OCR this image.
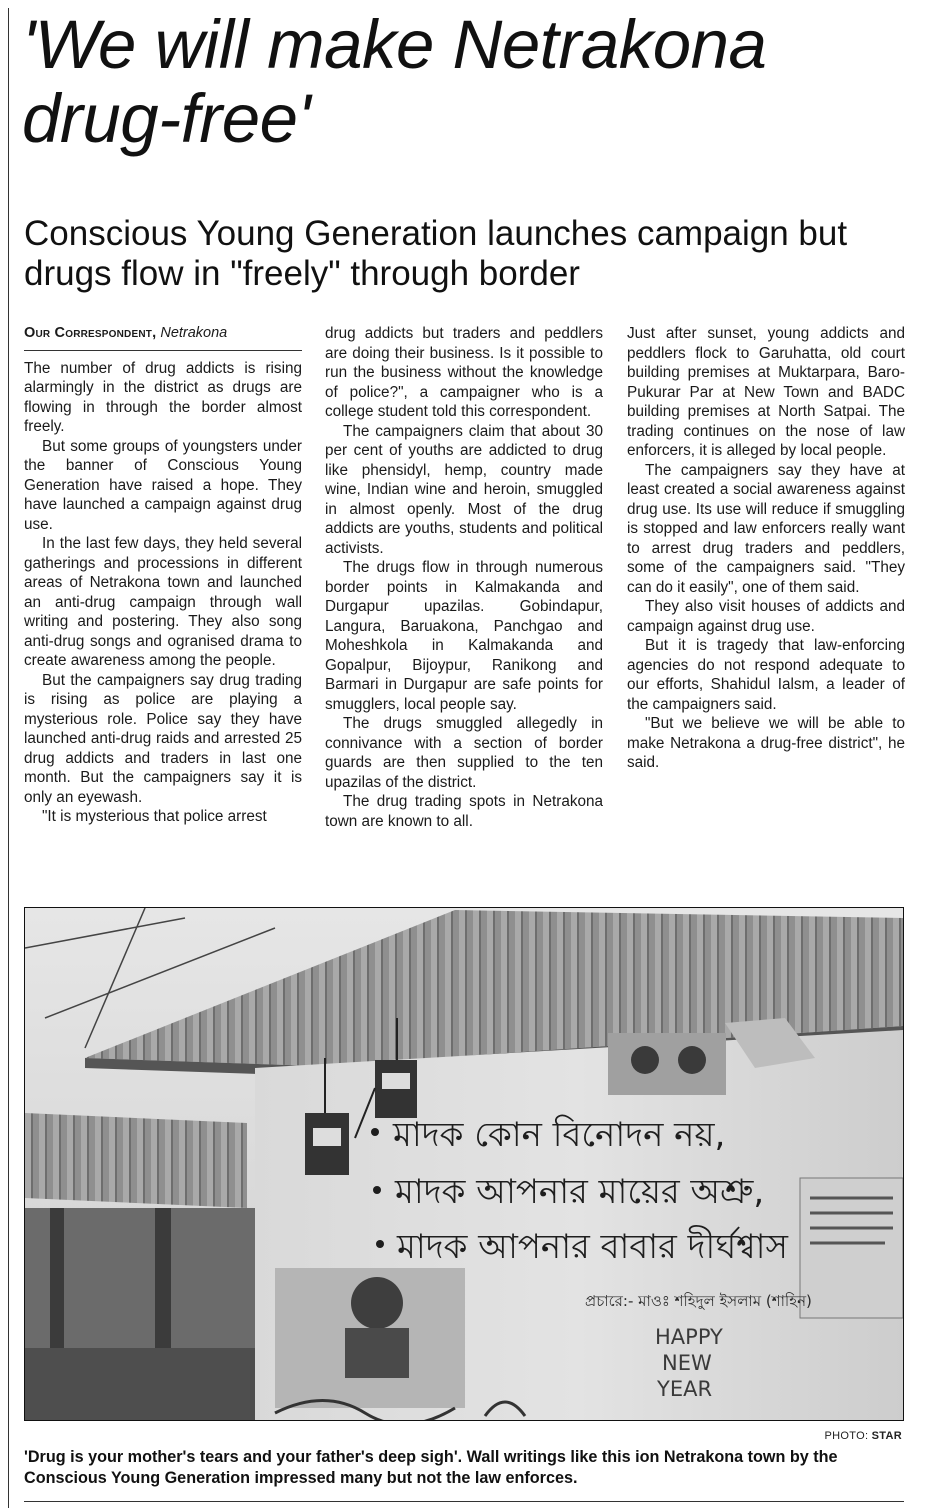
'We will make Netrakona drug-free'
Conscious Young Generation launches campaign but drugs flow in "freely" through border
Our Correspondent, Netrakona

The number of drug addicts is rising alarmingly in the district as drugs are flowing in through the border almost freely.

But some groups of youngsters under the banner of Conscious Young Generation have raised a hope. They have launched a campaign against drug use.

In the last few days, they held several gatherings and processions in different areas of Netrakona town and launched an anti-drug campaign through wall writing and postering. They also song anti-drug songs and ogranised drama to create awareness among the people.

But the campaigners say drug trading is rising as police are playing a mysterious role. Police say they have launched anti-drug raids and arrested 25 drug addicts and traders in last one month. But the campaigners say it is only an eyewash.

"It is mysterious that police arrest

drug addicts but traders and peddlers are doing their business. Is it possible to run the business without the knowledge of police?", a campaigner who is a college student told this correspondent.

The campaigners claim that about 30 per cent of youths are addicted to drug like phensidyl, hemp, country made wine, Indian wine and heroin, smuggled in almost openly. Most of the drug addicts are youths, students and political activists.

The drugs flow in through numerous border points in Kalmakanda and Durgapur upazilas. Gobindapur, Langura, Baruakona, Panchgao and Moheshkola in Kalmakanda and Gopalpur, Bijoypur, Ranikong and Barmari in Durgapur are safe points for smugglers, local people say.

The drugs smuggled allegedly in connivance with a section of border guards are then supplied to the ten upazilas of the district.

The drug trading spots in Netrakona town are known to all.

Just after sunset, young addicts and peddlers flock to Garuhatta, old court building premises at Muktarpara, Baro-Pukurar Par at New Town and BADC building premises at North Satpai. The trading continues on the nose of law enforcers, it is alleged by local people.

The campaigners say they have at least created a social awareness against drug use. Its use will reduce if smuggling is stopped and law enforcers really want to arrest drug traders and peddlers, some of the campaigners said. "They can do it easily", one of them said.

They also visit houses of addicts and campaign against drug use.

But it is tragedy that law-enforcing agencies do not respond adequate to our efforts, Shahidul Ialsm, a leader of the campaigners said.

"But we believe we will be able to make Netrakona a drug-free district", he said.

মাদক কোন বিনোদন নয়,
মাদক আপনার মায়ের অশ্রু,
মাদক আপনার বাবার দীর্ঘশ্বাস
প্রচারে:- মাওঃ শহিদুল ইসলাম (শাহিন)
HAPPY
NEW
YEAR
PHOTO: STAR

'Drug is your mother's tears and your father's deep sigh'. Wall writings like this ion Netrakona town by the Conscious Young Generation impressed many but not the law enforces.
